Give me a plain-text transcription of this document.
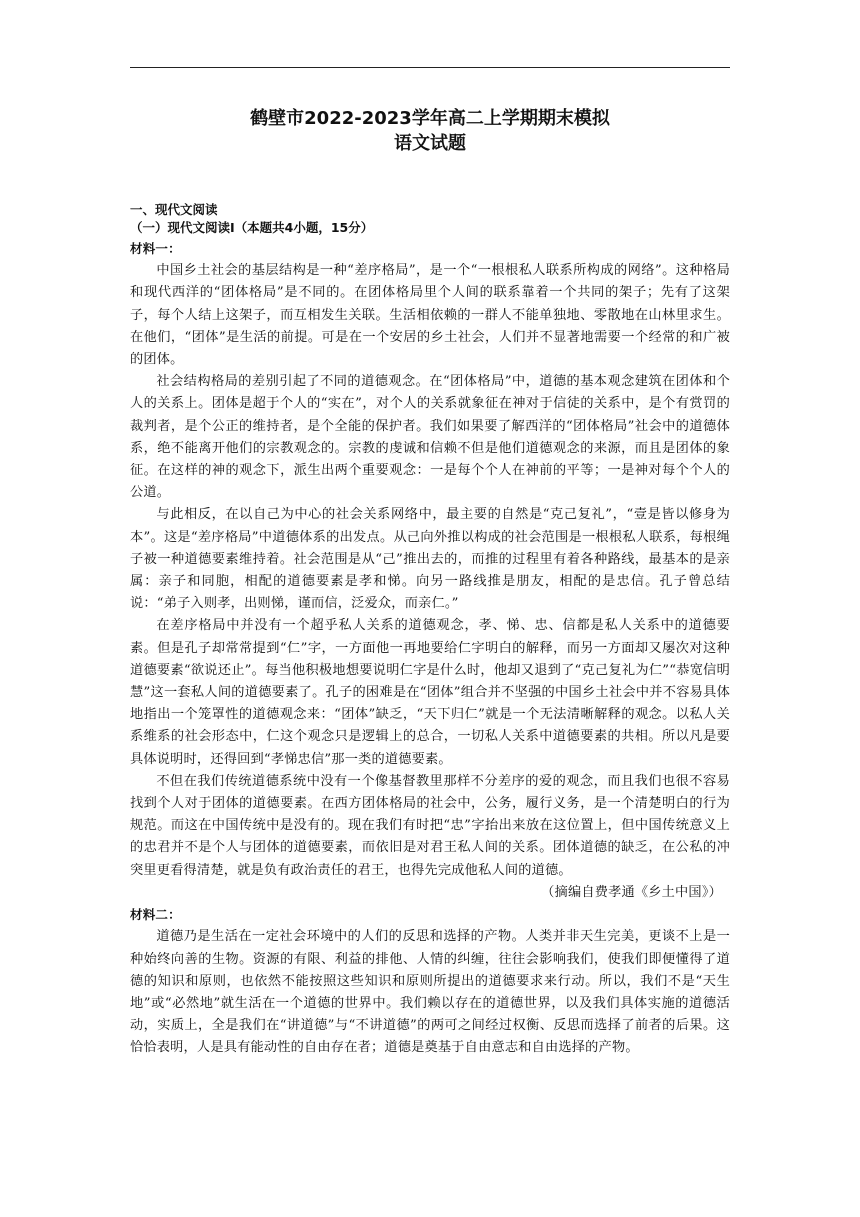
鹤壁市2022-2023学年高二上学期期末模拟
语文试题
一、现代文阅读
（一）现代文阅读Ⅰ（本题共4小题，15分）

材料一：

中国乡土社会的基层结构是一种“差序格局”，是一个“一根根私人联系所构成的网络”。这种格局和现代西洋的“团体格局”是不同的。在团体格局里个人间的联系靠着一个共同的架子；先有了这架子，每个人结上这架子，而互相发生关联。生活相依赖的一群人不能单独地、零散地在山林里求生。在他们，“团体”是生活的前提。可是在一个安居的乡土社会，人们并不显著地需要一个经常的和广被的团体。

社会结构格局的差别引起了不同的道德观念。在“团体格局”中，道德的基本观念建筑在团体和个人的关系上。团体是超于个人的“实在”，对个人的关系就象征在神对于信徒的关系中，是个有赏罚的裁判者，是个公正的维持者，是个全能的保护者。我们如果要了解西洋的“团体格局”社会中的道德体系，绝不能离开他们的宗教观念的。宗教的虔诚和信赖不但是他们道德观念的来源，而且是团体的象征。在这样的神的观念下，派生出两个重要观念：一是每个个人在神前的平等；一是神对每个个人的公道。

与此相反，在以自己为中心的社会关系网络中，最主要的自然是“克己复礼”，“壹是皆以修身为本”。这是“差序格局”中道德体系的出发点。从己向外推以构成的社会范围是一根根私人联系，每根绳子被一种道德要素维持着。社会范围是从“己”推出去的，而推的过程里有着各种路线，最基本的是亲属：亲子和同胞，相配的道德要素是孝和悌。向另一路线推是朋友，相配的是忠信。孔子曾总结说：“弟子入则孝，出则悌，谨而信，泛爱众，而亲仁。”

在差序格局中并没有一个超乎私人关系的道德观念，孝、悌、忠、信都是私人关系中的道德要素。但是孔子却常常提到“仁”字，一方面他一再地要给仁字明白的解释，而另一方面却又屡次对这种道德要素“欲说还止”。每当他积极地想要说明仁字是什么时，他却又退到了“克己复礼为仁”“恭宽信明慧”这一套私人间的道德要素了。孔子的困难是在“团体”组合并不坚强的中国乡土社会中并不容易具体地指出一个笼罩性的道德观念来：“团体”缺乏，“天下归仁”就是一个无法清晰解释的观念。以私人关系维系的社会形态中，仁这个观念只是逻辑上的总合，一切私人关系中道德要素的共相。所以凡是要具体说明时，还得回到“孝悌忠信”那一类的道德要素。

不但在我们传统道德系统中没有一个像基督教里那样不分差序的爱的观念，而且我们也很不容易找到个人对于团体的道德要素。在西方团体格局的社会中，公务，履行义务，是一个清楚明白的行为规范。而这在中国传统中是没有的。现在我们有时把“忠”字抬出来放在这位置上，但中国传统意义上的忠君并不是个人与团体的道德要素，而依旧是对君王私人间的关系。团体道德的缺乏，在公私的冲突里更看得清楚，就是负有政治责任的君王，也得先完成他私人间的道德。

（摘编自费孝通《乡土中国》）

材料二：

道德乃是生活在一定社会环境中的人们的反思和选择的产物。人类并非天生完美，更谈不上是一种始终向善的生物。资源的有限、利益的排他、人情的纠缠，往往会影响我们，使我们即便懂得了道德的知识和原则，也依然不能按照这些知识和原则所提出的道德要求来行动。所以，我们不是“天生地”或“必然地”就生活在一个道德的世界中。我们赖以存在的道德世界，以及我们具体实施的道德活动，实质上，全是我们在“讲道德”与“不讲道德”的两可之间经过权衡、反思而选择了前者的后果。这恰恰表明，人是具有能动性的自由存在者；道德是奠基于自由意志和自由选择的产物。
